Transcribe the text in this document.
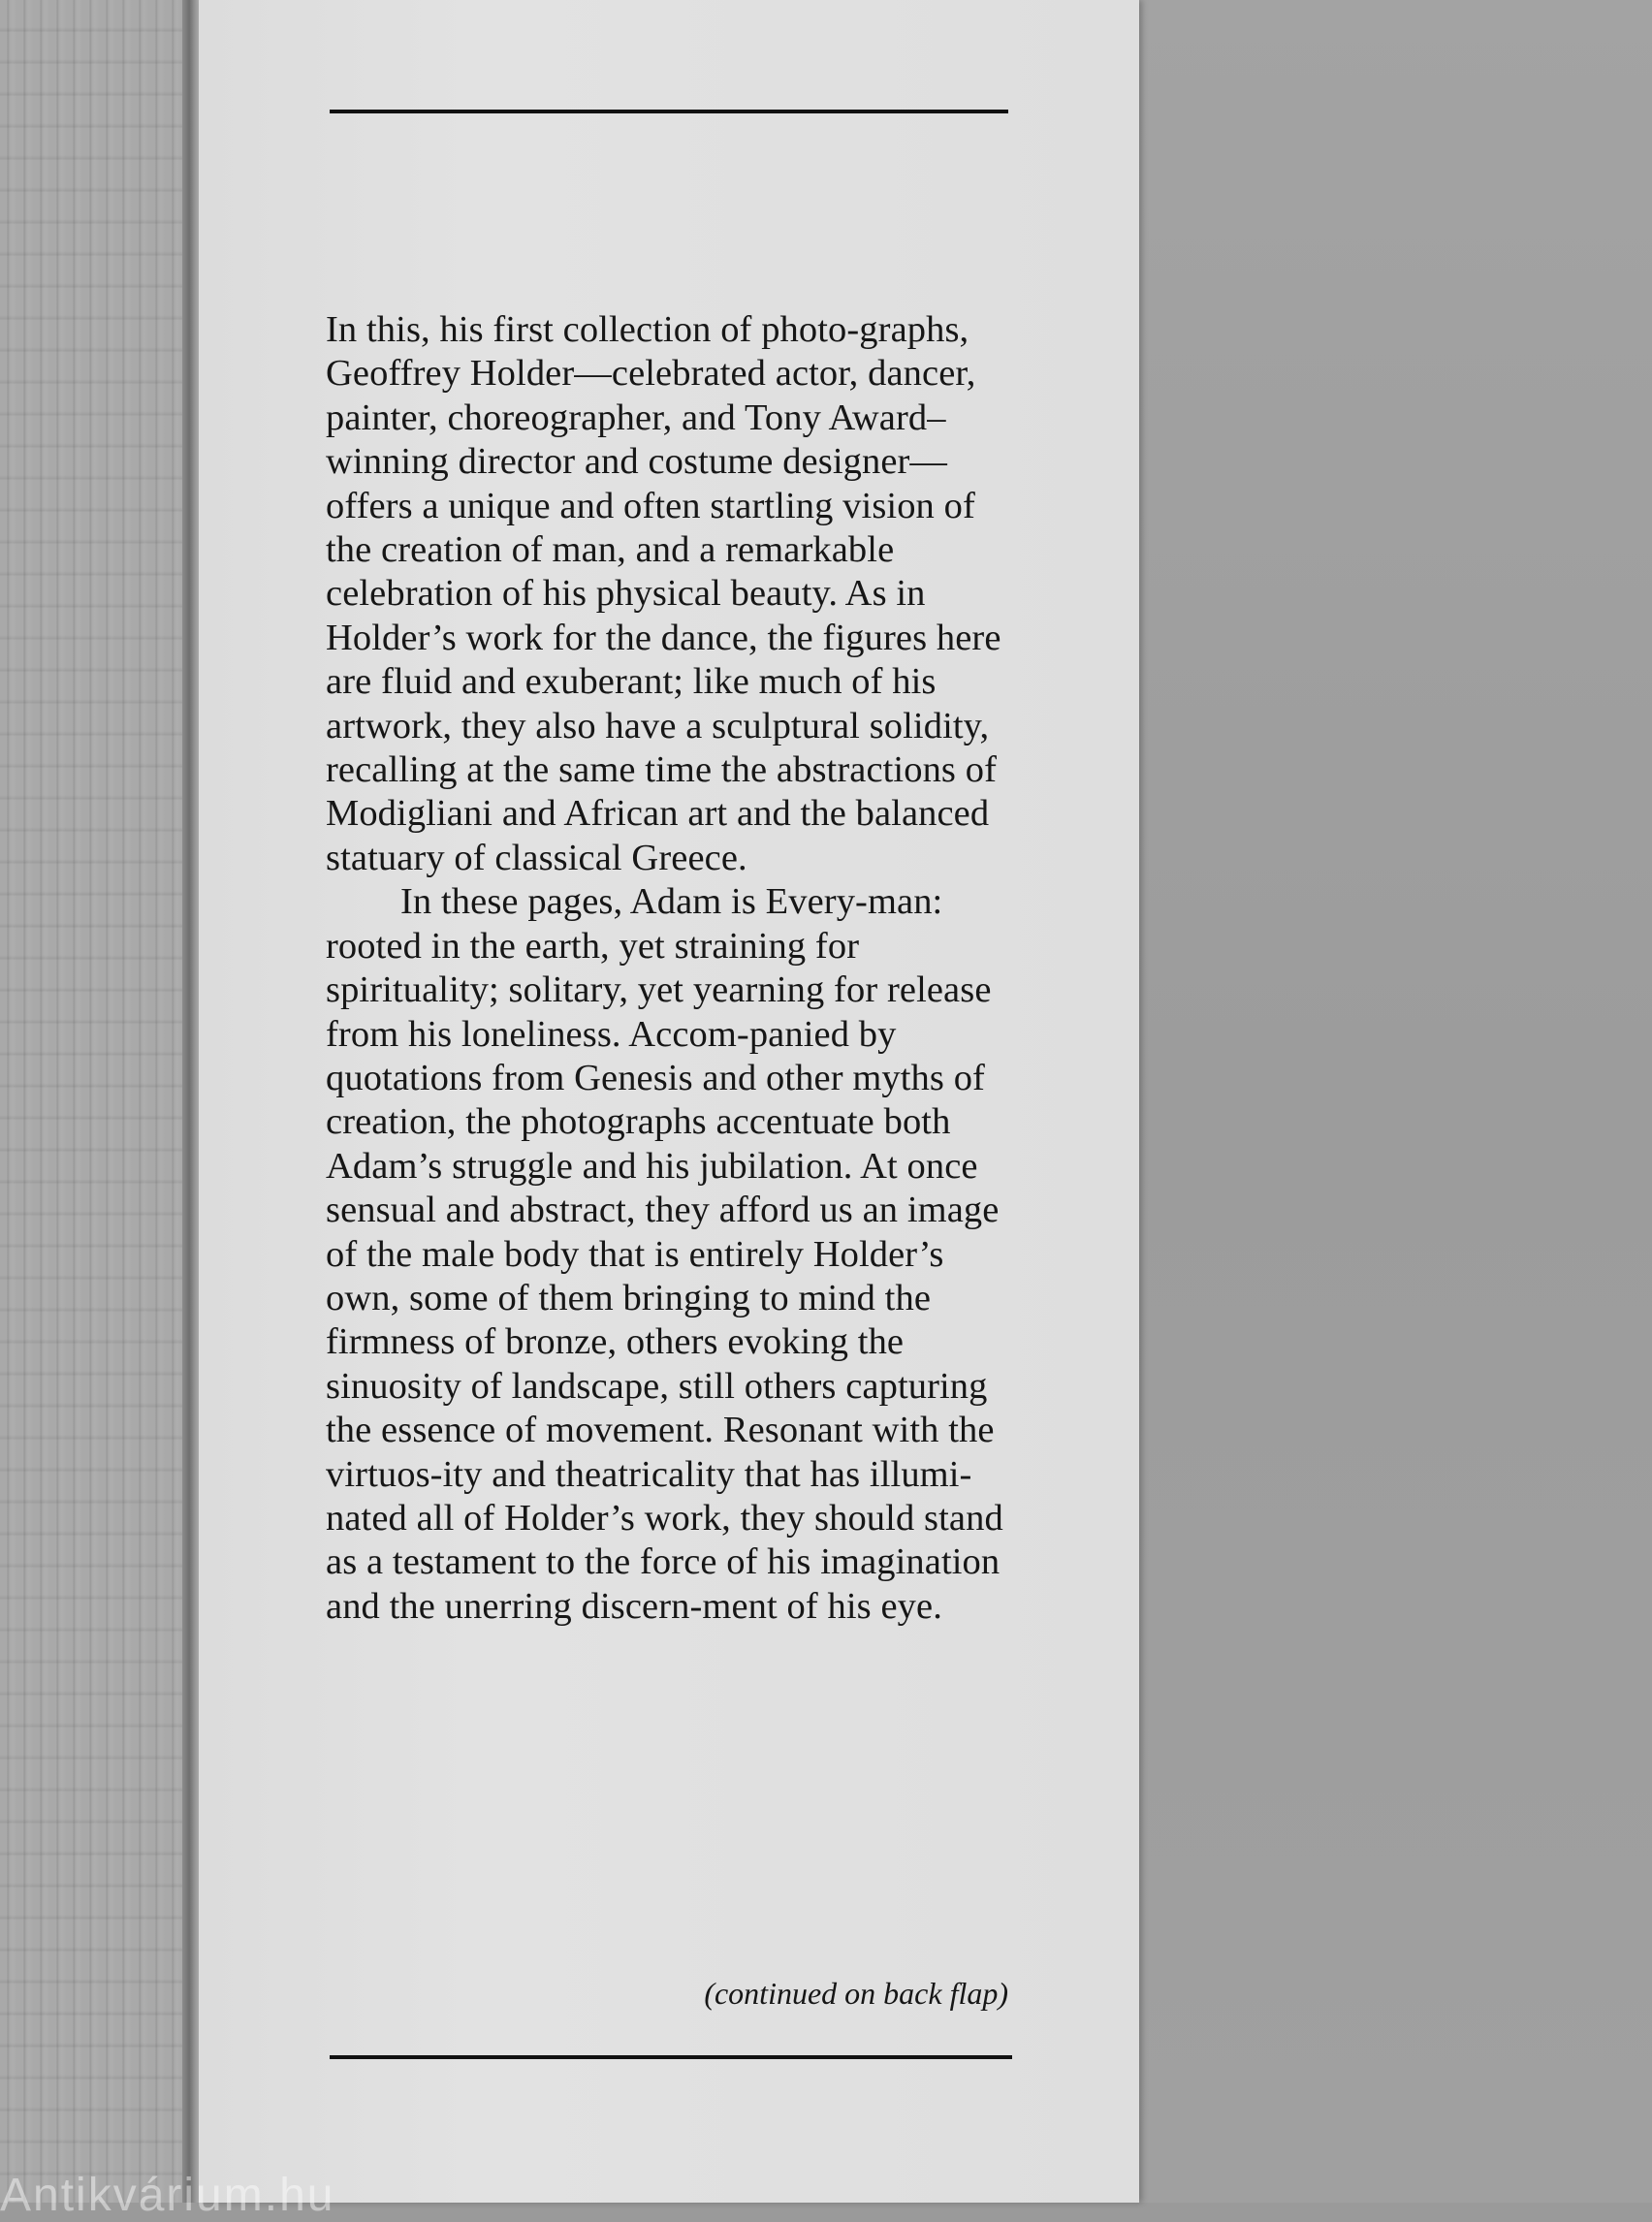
In this, his first collection of photo-graphs, Geoffrey Holder—celebrated actor, dancer, painter, choreographer, and Tony Award–winning director and costume designer—offers a unique and often startling vision of the creation of man, and a remarkable celebration of his physical beauty. As in Holder’s work for the dance, the figures here are fluid and exuberant; like much of his artwork, they also have a sculptural solidity, recalling at the same time the abstractions of Modigliani and African art and the balanced statuary of classical Greece.

In these pages, Adam is Every-man: rooted in the earth, yet straining for spirituality; solitary, yet yearning for release from his loneliness. Accom-panied by quotations from Genesis and other myths of creation, the photographs accentuate both Adam’s struggle and his jubilation. At once sensual and abstract, they afford us an image of the male body that is entirely Holder’s own, some of them bringing to mind the firmness of bronze, others evoking the sinuosity of landscape, still others capturing the essence of movement. Resonant with the virtuos-ity and theatricality that has illumi-nated all of Holder’s work, they should stand as a testament to the force of his imagination and the unerring discern-ment of his eye.

(continued on back flap)
Antikvárium.hu
